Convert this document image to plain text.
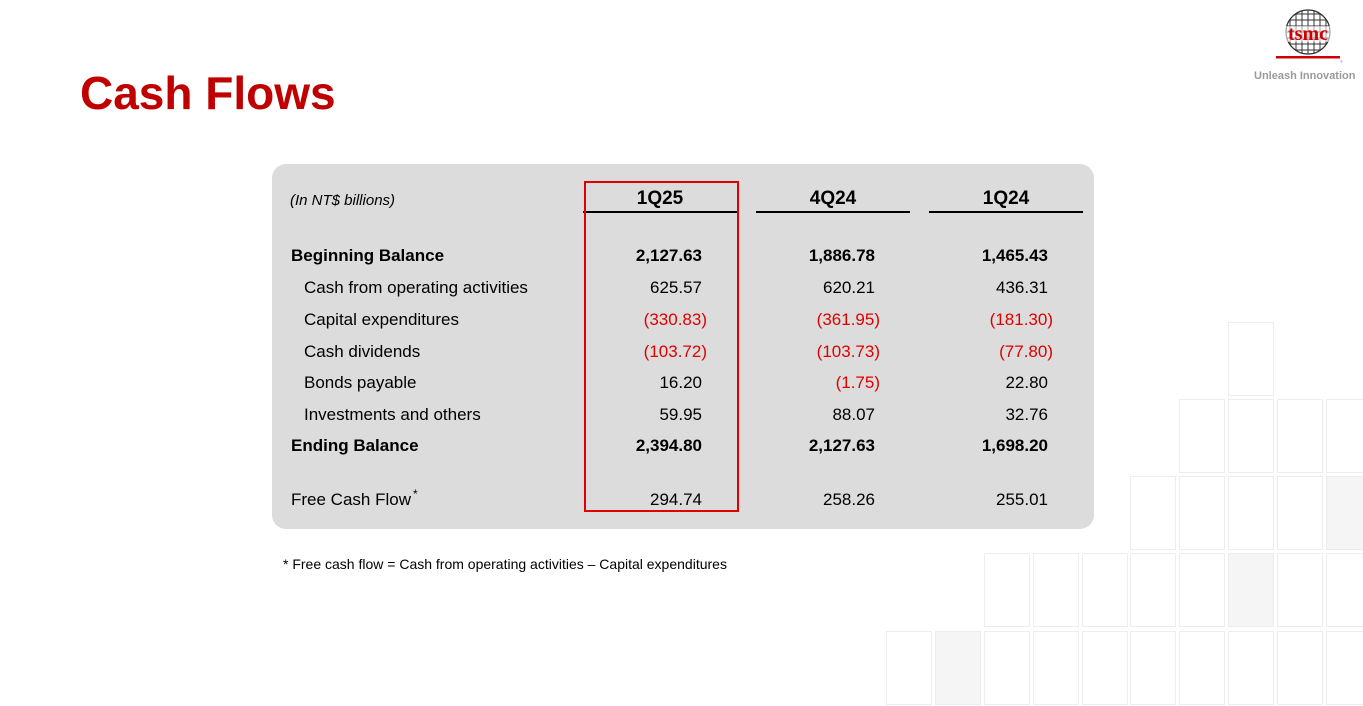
Cash Flows
tsmc
®
Unleash Innovation
(In NT$ billions)	1Q25	4Q24	1Q24
Beginning Balance	2,127.63	1,886.78	1,465.43
Cash from operating activities	625.57	620.21	436.31
Capital expenditures	(330.83)	(361.95)	(181.30)
Cash dividends	(103.72)	(103.73)	(77.80)
Bonds payable	16.20	(1.75)	22.80
Investments and others	59.95	88.07	32.76
Ending Balance	2,394.80	2,127.63	1,698.20
Free Cash Flow *	294.74	258.26	255.01
* Free cash flow = Cash from operating activities – Capital expenditures
